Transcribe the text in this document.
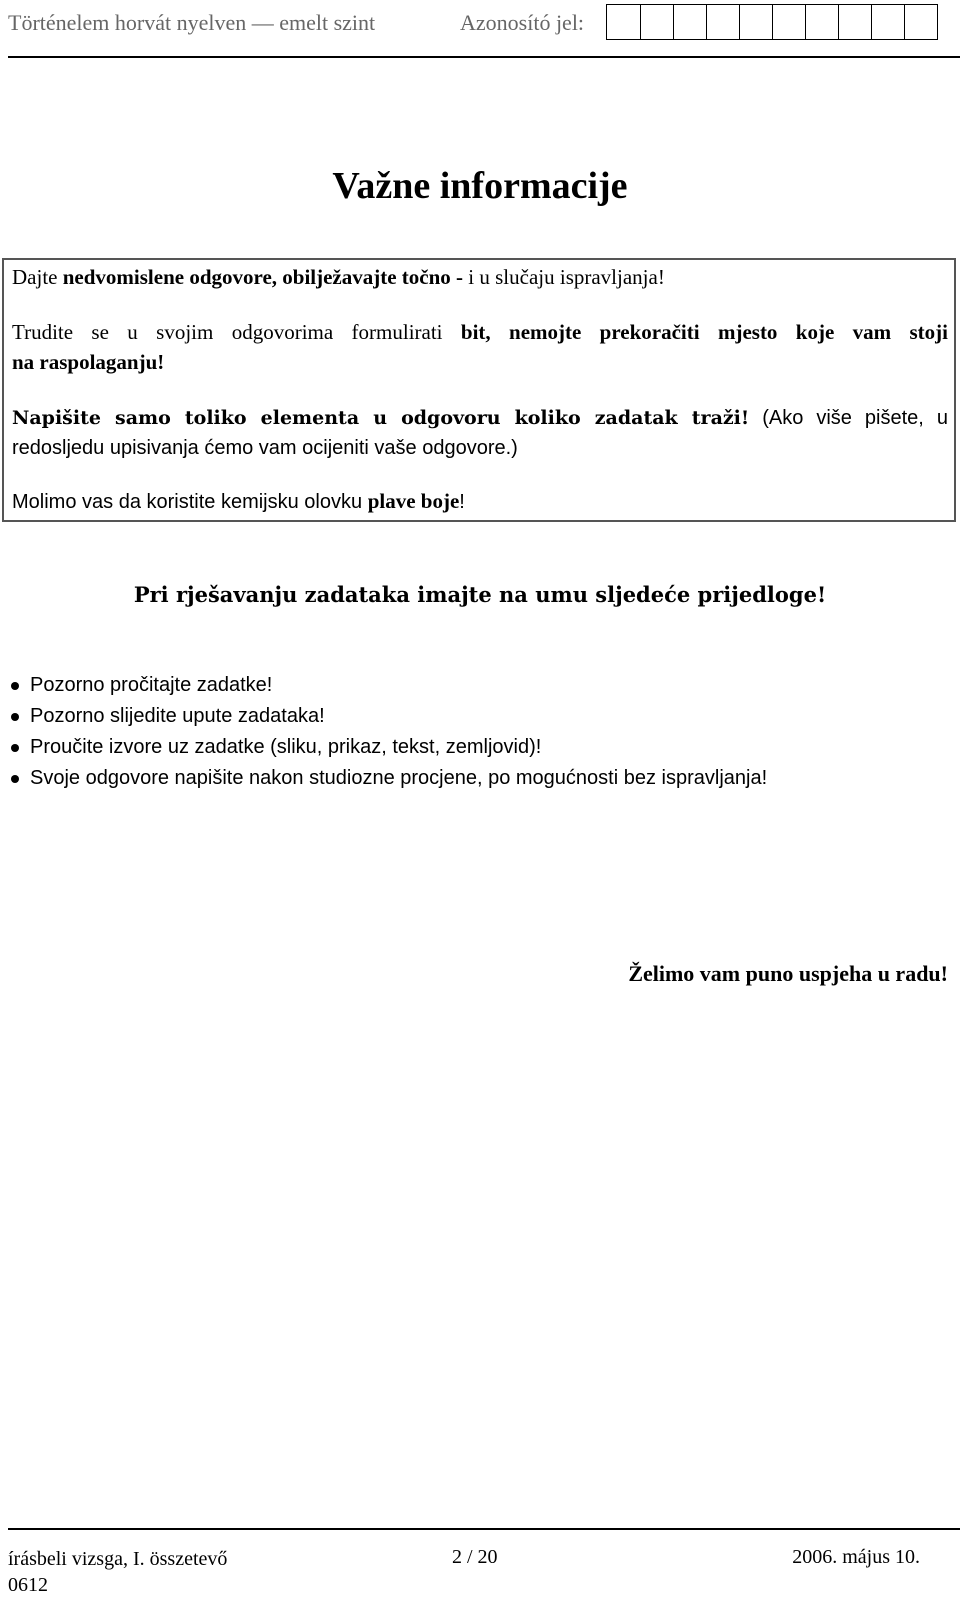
Történelem horvát nyelven — emelt szint	Azonosító jel:
Važne informacije
Dajte nedvomislene odgovore, obilježavajte točno - i u slučaju ispravljanja!
Trudite se u svojim odgovorima formulirati bit, nemojte prekoračiti mjesto koje vam stoji
na raspolaganju!
Napišite samo toliko elementa u odgovoru koliko zadatak traži! (Ako više pišete, u
redosljedu upisivanja ćemo vam ocijeniti vaše odgovore.)
Molimo vas da koristite kemijsku olovku plave boje!
Pri rješavanju zadataka imajte na umu sljedeće prijedloge!
Pozorno pročitajte zadatke!
Pozorno slijedite upute zadataka!
Proučite izvore uz zadatke (sliku, prikaz, tekst, zemljovid)!
Svoje odgovore napišite nakon studiozne procjene, po mogućnosti bez ispravljanja!
Želimo vam puno uspjeha u radu!
írásbeli vizsga, I. összetevő
0612
2 / 20	2006. május 10.
